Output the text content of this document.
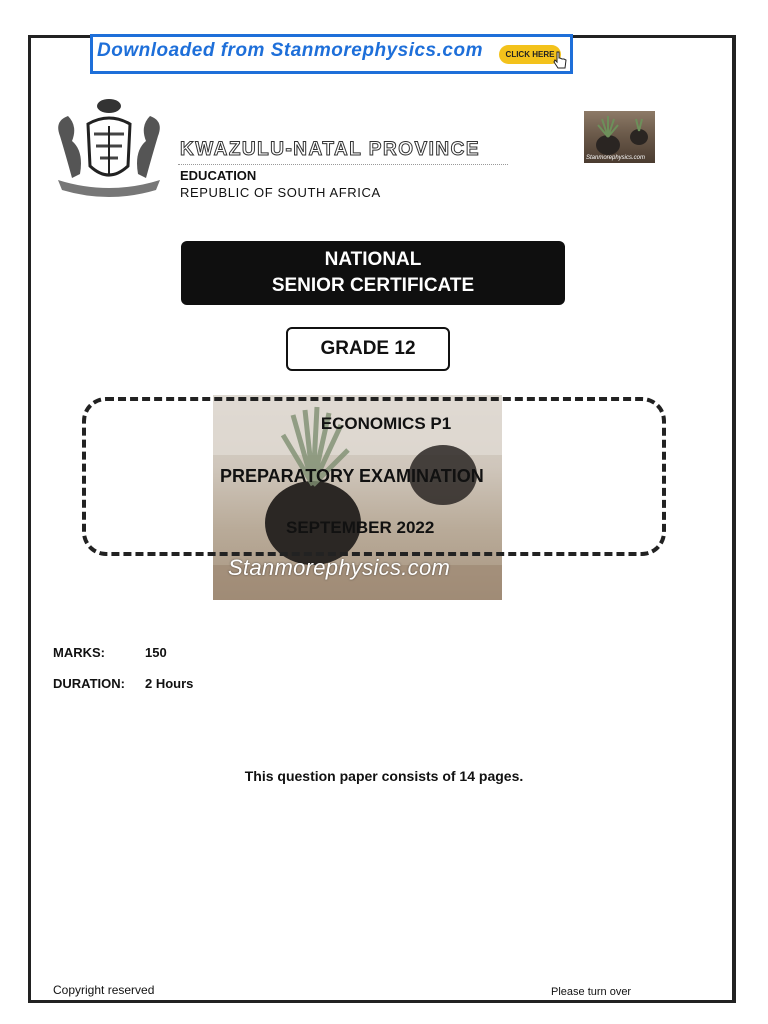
Downloaded from Stanmorephysics.com	CLICK HERE
KWAZULU-NATAL PROVINCE
EDUCATION
REPUBLIC OF SOUTH AFRICA
Stanmorephysics.com
NATIONAL
SENIOR CERTIFICATE
GRADE 12
ECONOMICS P1
PREPARATORY EXAMINATION
SEPTEMBER 2022
Stanmorephysics.com
MARKS:	150
DURATION: 2 Hours
This question paper consists of 14 pages.
Copyright reserved	Please turn over
